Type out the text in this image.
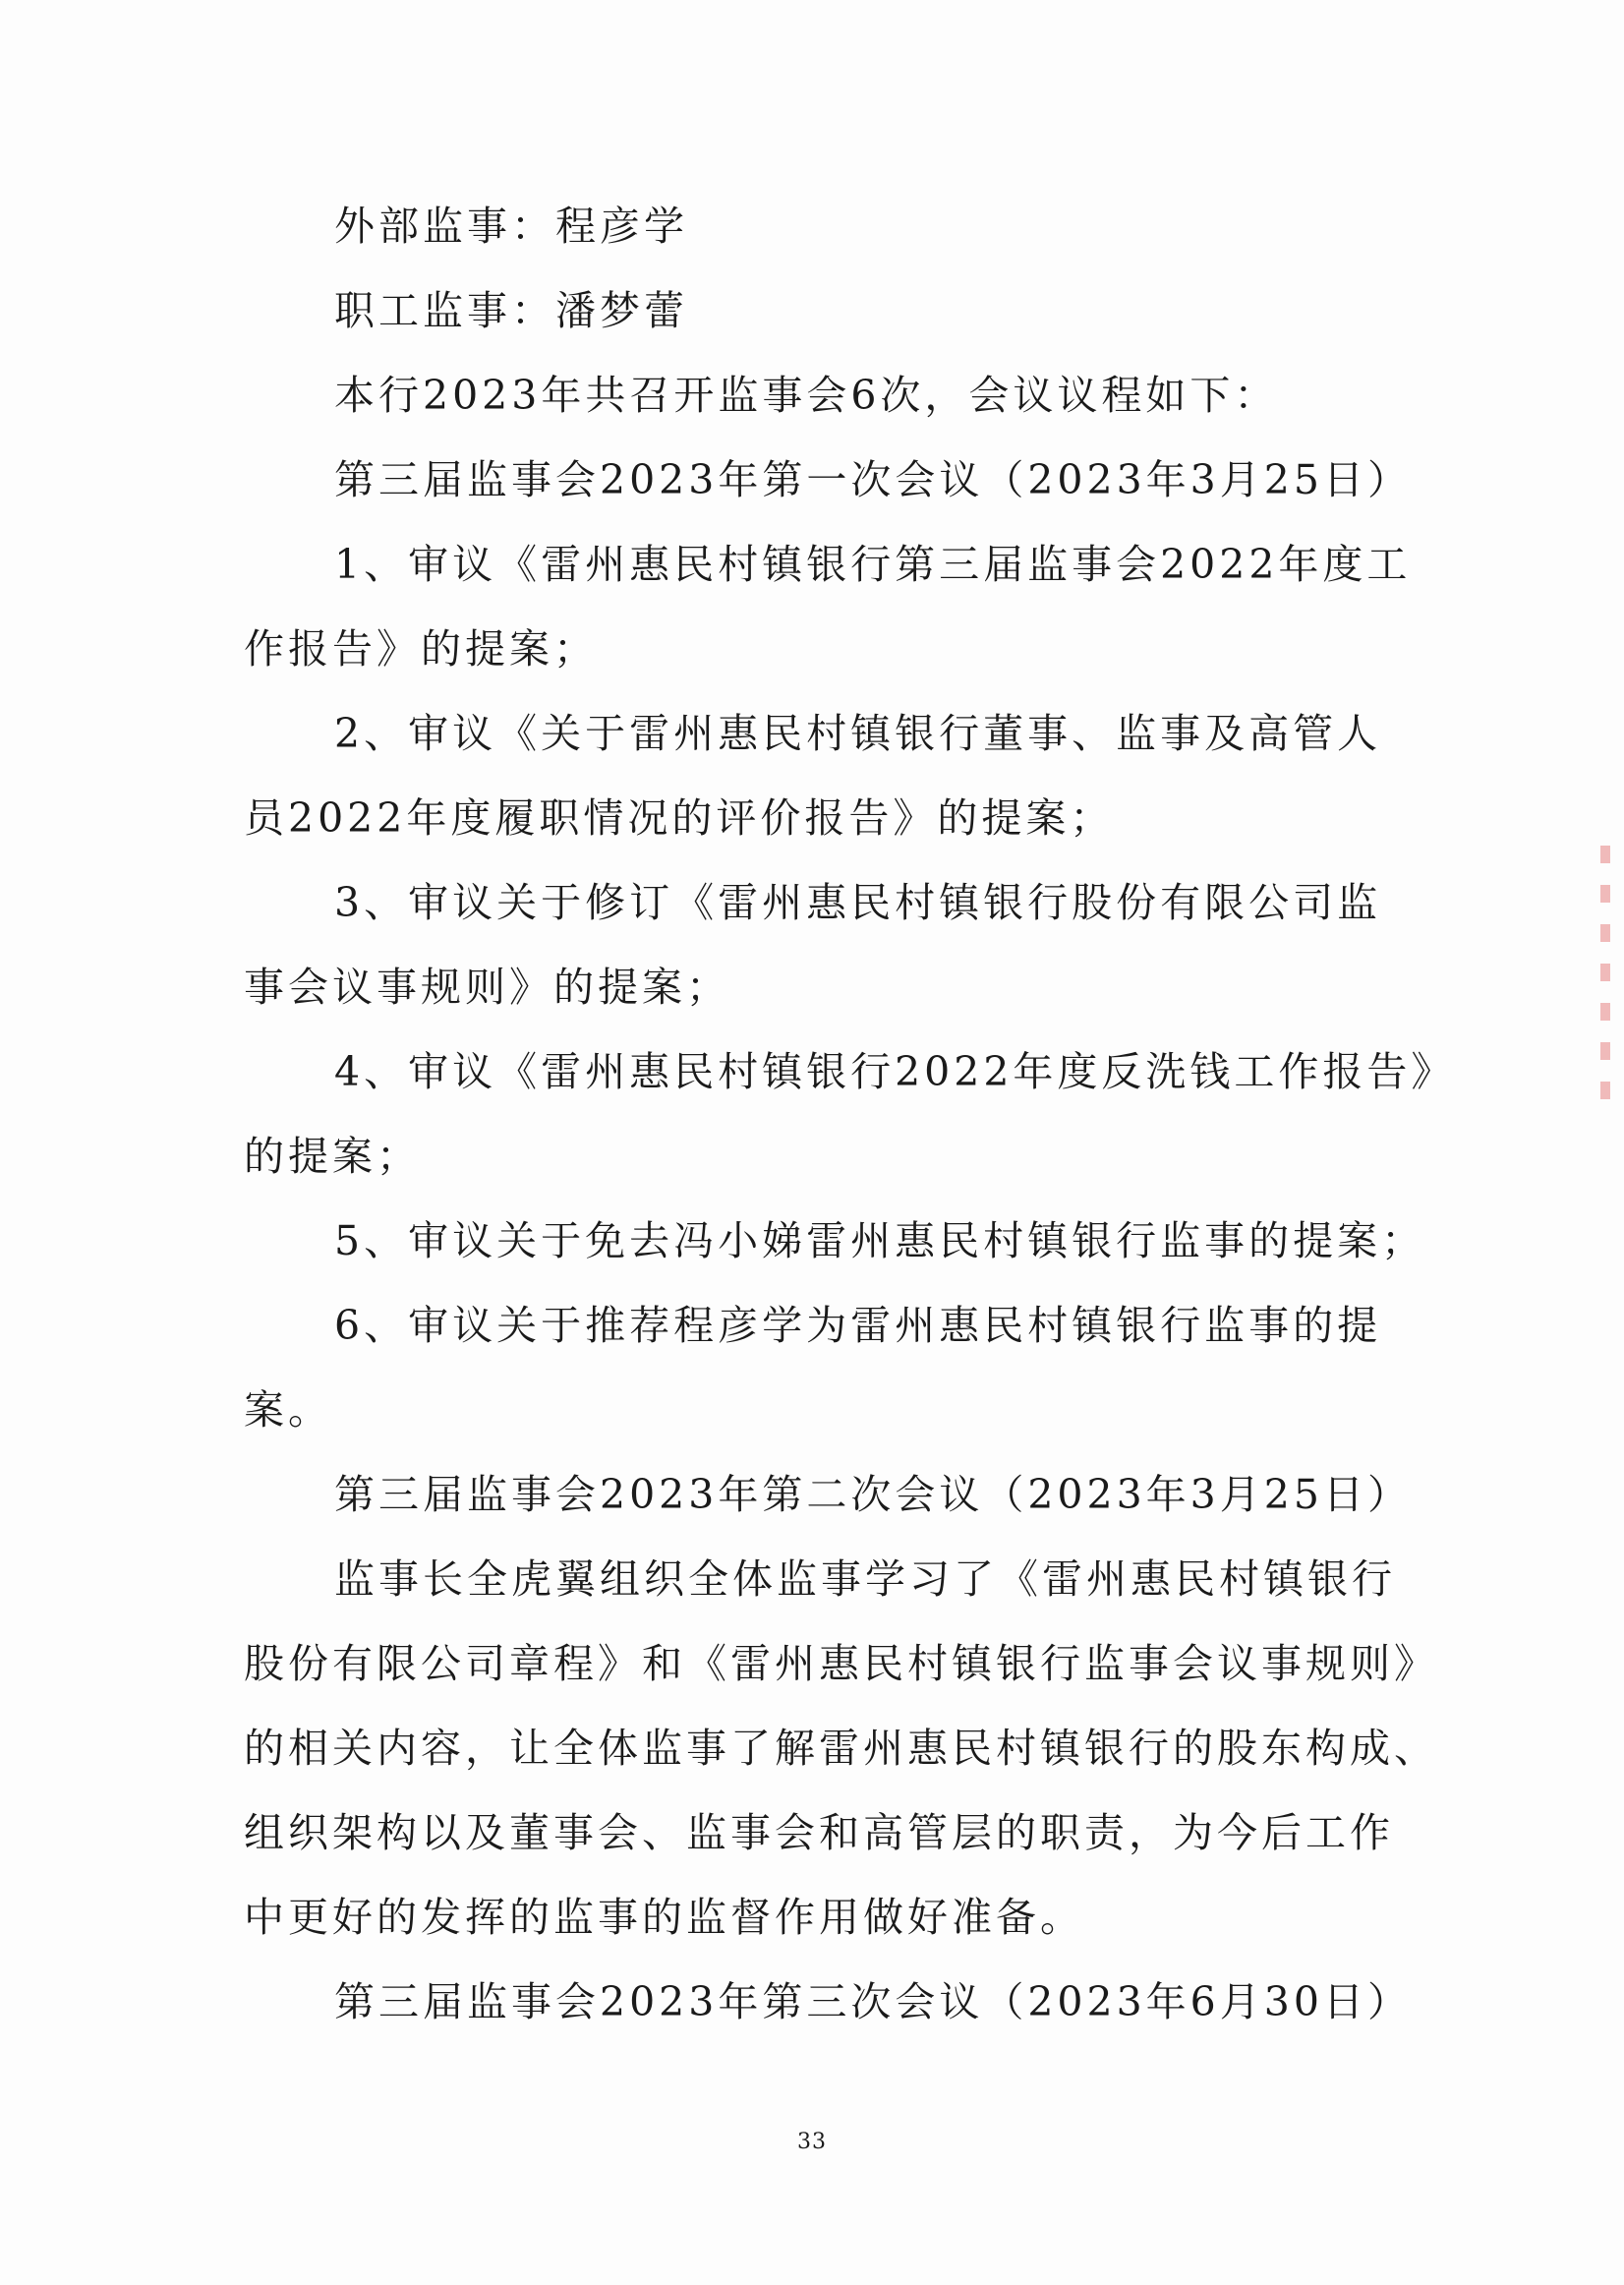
外部监事：程彦学
职工监事：潘梦蕾
本行2023年共召开监事会6次，会议议程如下：
第三届监事会2023年第一次会议（2023年3月25日）
1、审议《雷州惠民村镇银行第三届监事会2022年度工
作报告》的提案；
2、审议《关于雷州惠民村镇银行董事、监事及高管人
员2022年度履职情况的评价报告》的提案；
3、审议关于修订《雷州惠民村镇银行股份有限公司监
事会议事规则》的提案；
4、审议《雷州惠民村镇银行2022年度反洗钱工作报告》
的提案；
5、审议关于免去冯小娣雷州惠民村镇银行监事的提案；
6、审议关于推荐程彦学为雷州惠民村镇银行监事的提
案。
第三届监事会2023年第二次会议（2023年3月25日）
监事长全虎翼组织全体监事学习了《雷州惠民村镇银行
股份有限公司章程》和《雷州惠民村镇银行监事会议事规则》
的相关内容，让全体监事了解雷州惠民村镇银行的股东构成、
组织架构以及董事会、监事会和高管层的职责，为今后工作
中更好的发挥的监事的监督作用做好准备。
第三届监事会2023年第三次会议（2023年6月30日）
33
